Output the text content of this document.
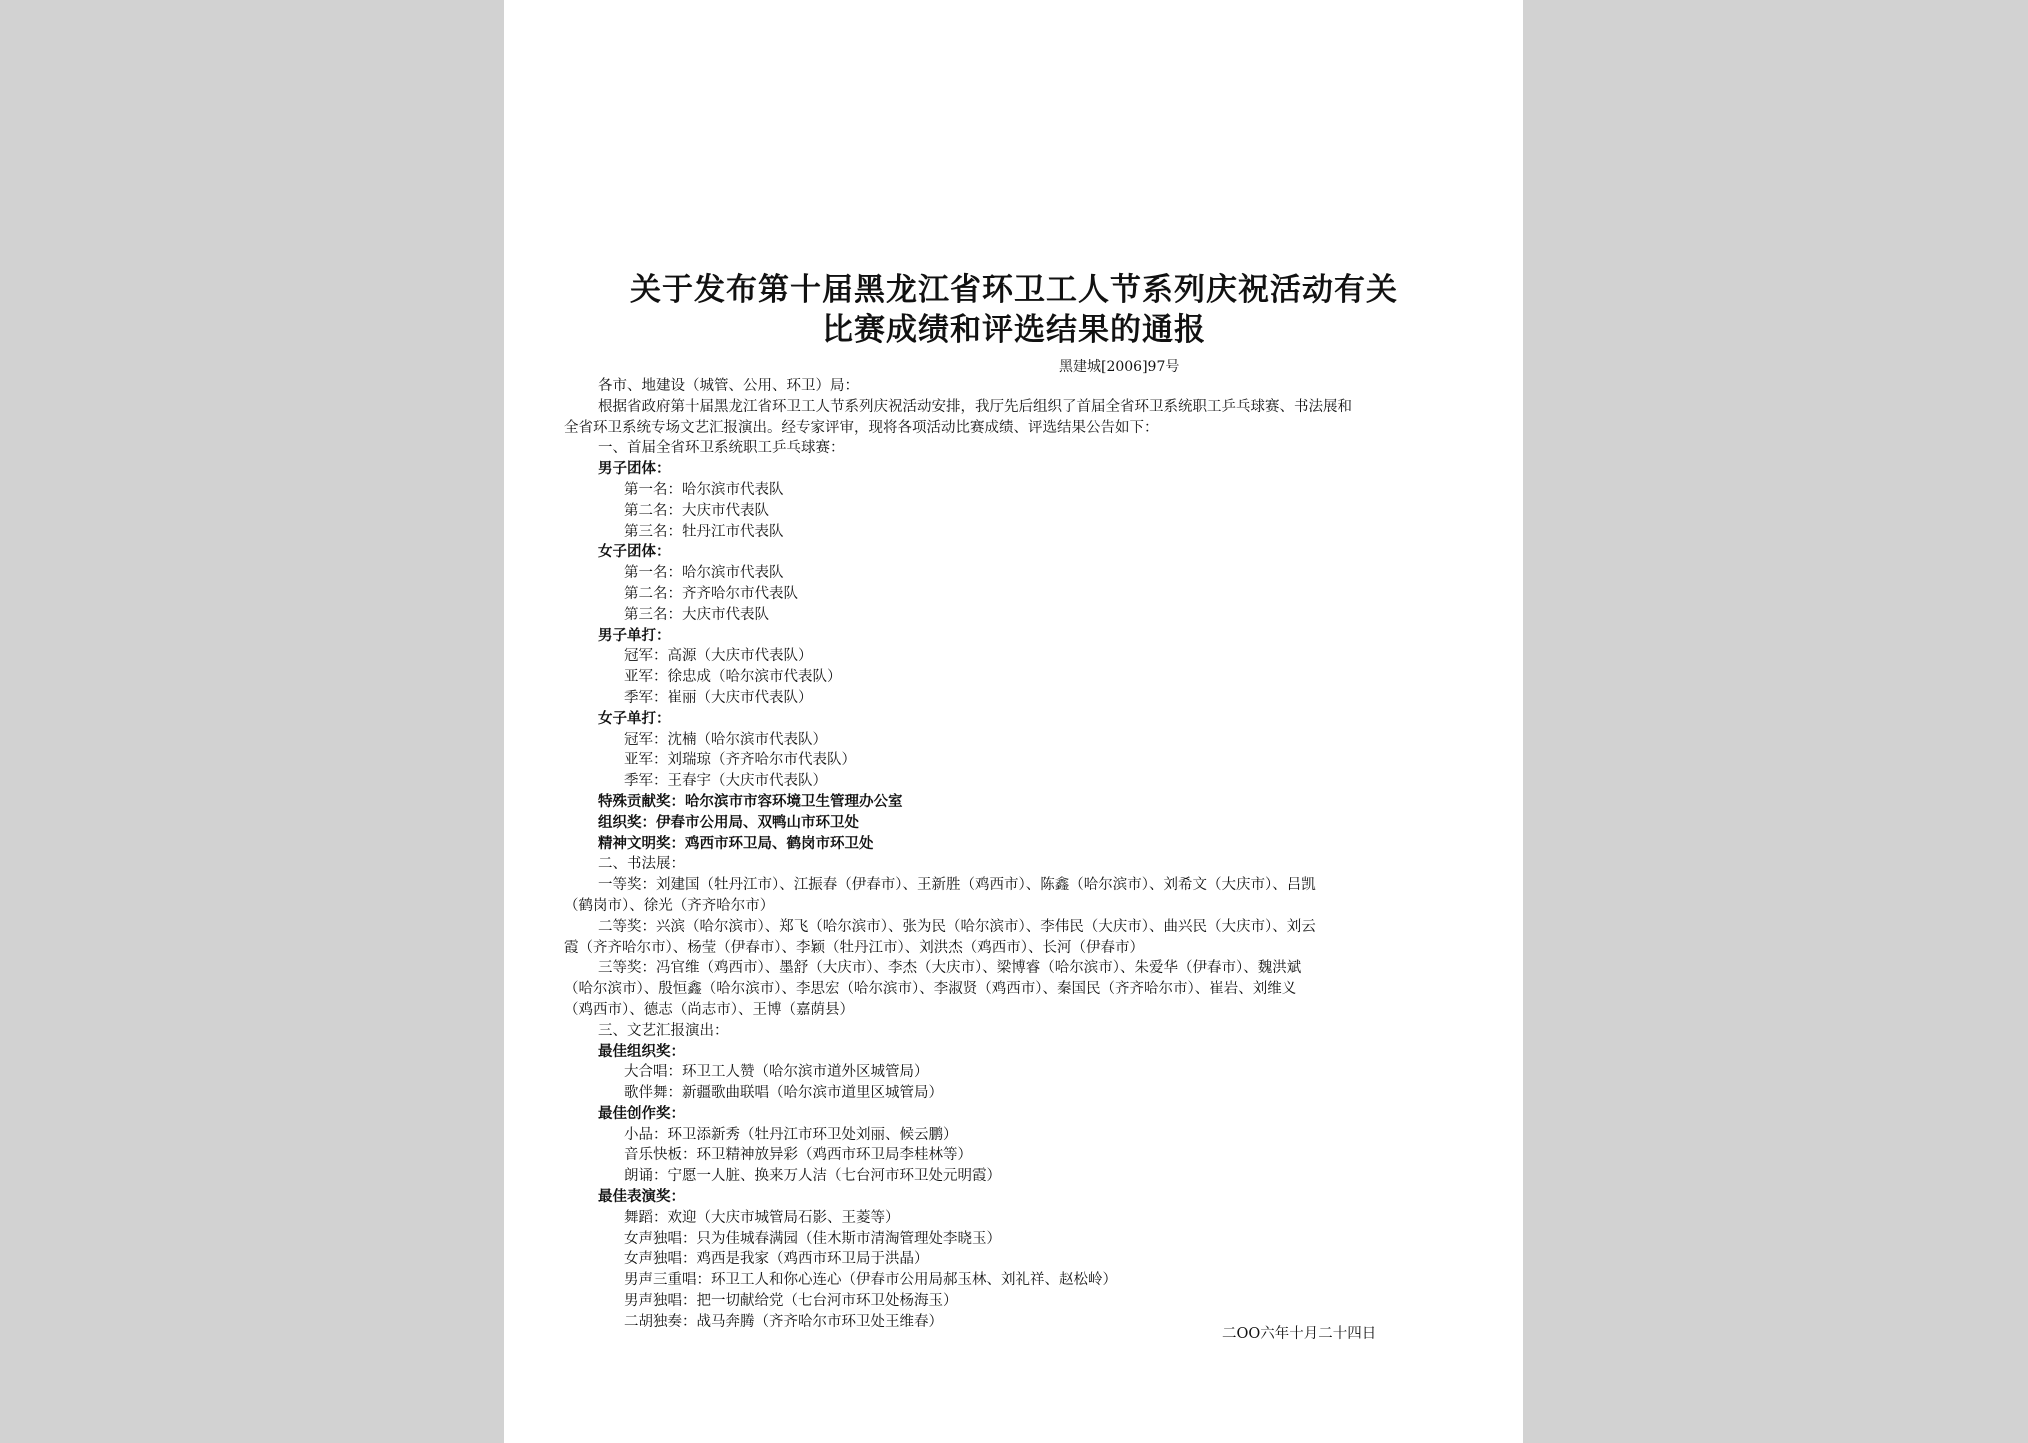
关于发布第十届黑龙江省环卫工人节系列庆祝活动有关
比赛成绩和评选结果的通报
黑建城[2006]97号
各市、地建设（城管、公用、环卫）局：
根据省政府第十届黑龙江省环卫工人节系列庆祝活动安排，我厅先后组织了首届全省环卫系统职工乒乓球赛、书法展和
全省环卫系统专场文艺汇报演出。经专家评审，现将各项活动比赛成绩、评选结果公告如下：
一、首届全省环卫系统职工乒乓球赛：
男子团体：
第一名：哈尔滨市代表队
第二名：大庆市代表队
第三名：牡丹江市代表队
女子团体：
第一名：哈尔滨市代表队
第二名：齐齐哈尔市代表队
第三名：大庆市代表队
男子单打：
冠军：高源（大庆市代表队）
亚军：徐忠成（哈尔滨市代表队）
季军：崔丽（大庆市代表队）
女子单打：
冠军：沈楠（哈尔滨市代表队）
亚军：刘瑞琼（齐齐哈尔市代表队）
季军：王春宇（大庆市代表队）
特殊贡献奖：哈尔滨市市容环境卫生管理办公室
组织奖：伊春市公用局、双鸭山市环卫处
精神文明奖：鸡西市环卫局、鹤岗市环卫处
二、书法展：
一等奖：刘建国（牡丹江市）、江振春（伊春市）、王新胜（鸡西市）、陈鑫（哈尔滨市）、刘希文（大庆市）、吕凯
（鹤岗市）、徐光（齐齐哈尔市）
二等奖：兴滨（哈尔滨市）、郑飞（哈尔滨市）、张为民（哈尔滨市）、李伟民（大庆市）、曲兴民（大庆市）、刘云
霞（齐齐哈尔市）、杨莹（伊春市）、李颖（牡丹江市）、刘洪杰（鸡西市）、长河（伊春市）
三等奖：冯官维（鸡西市）、墨舒（大庆市）、李杰（大庆市）、梁博睿（哈尔滨市）、朱爱华（伊春市）、魏洪斌
（哈尔滨市）、殷恒鑫（哈尔滨市）、李思宏（哈尔滨市）、李淑贤（鸡西市）、秦国民（齐齐哈尔市）、崔岩、刘维义
（鸡西市）、德志（尚志市）、王博（嘉荫县）
三、文艺汇报演出：
最佳组织奖：
大合唱：环卫工人赞（哈尔滨市道外区城管局）
歌伴舞：新疆歌曲联唱（哈尔滨市道里区城管局）
最佳创作奖：
小品：环卫添新秀（牡丹江市环卫处刘丽、候云鹏）
音乐快板：环卫精神放异彩（鸡西市环卫局李桂林等）
朗诵：宁愿一人脏、换来万人洁（七台河市环卫处元明霞）
最佳表演奖：
舞蹈：欢迎（大庆市城管局石影、王菱等）
女声独唱：只为佳城春满园（佳木斯市清淘管理处李晓玉）
女声独唱：鸡西是我家（鸡西市环卫局于洪晶）
男声三重唱：环卫工人和你心连心（伊春市公用局郝玉林、刘礼祥、赵松岭）
男声独唱：把一切献给党（七台河市环卫处杨海玉）
二胡独奏：战马奔腾（齐齐哈尔市环卫处王维春）
二OO六年十月二十四日
